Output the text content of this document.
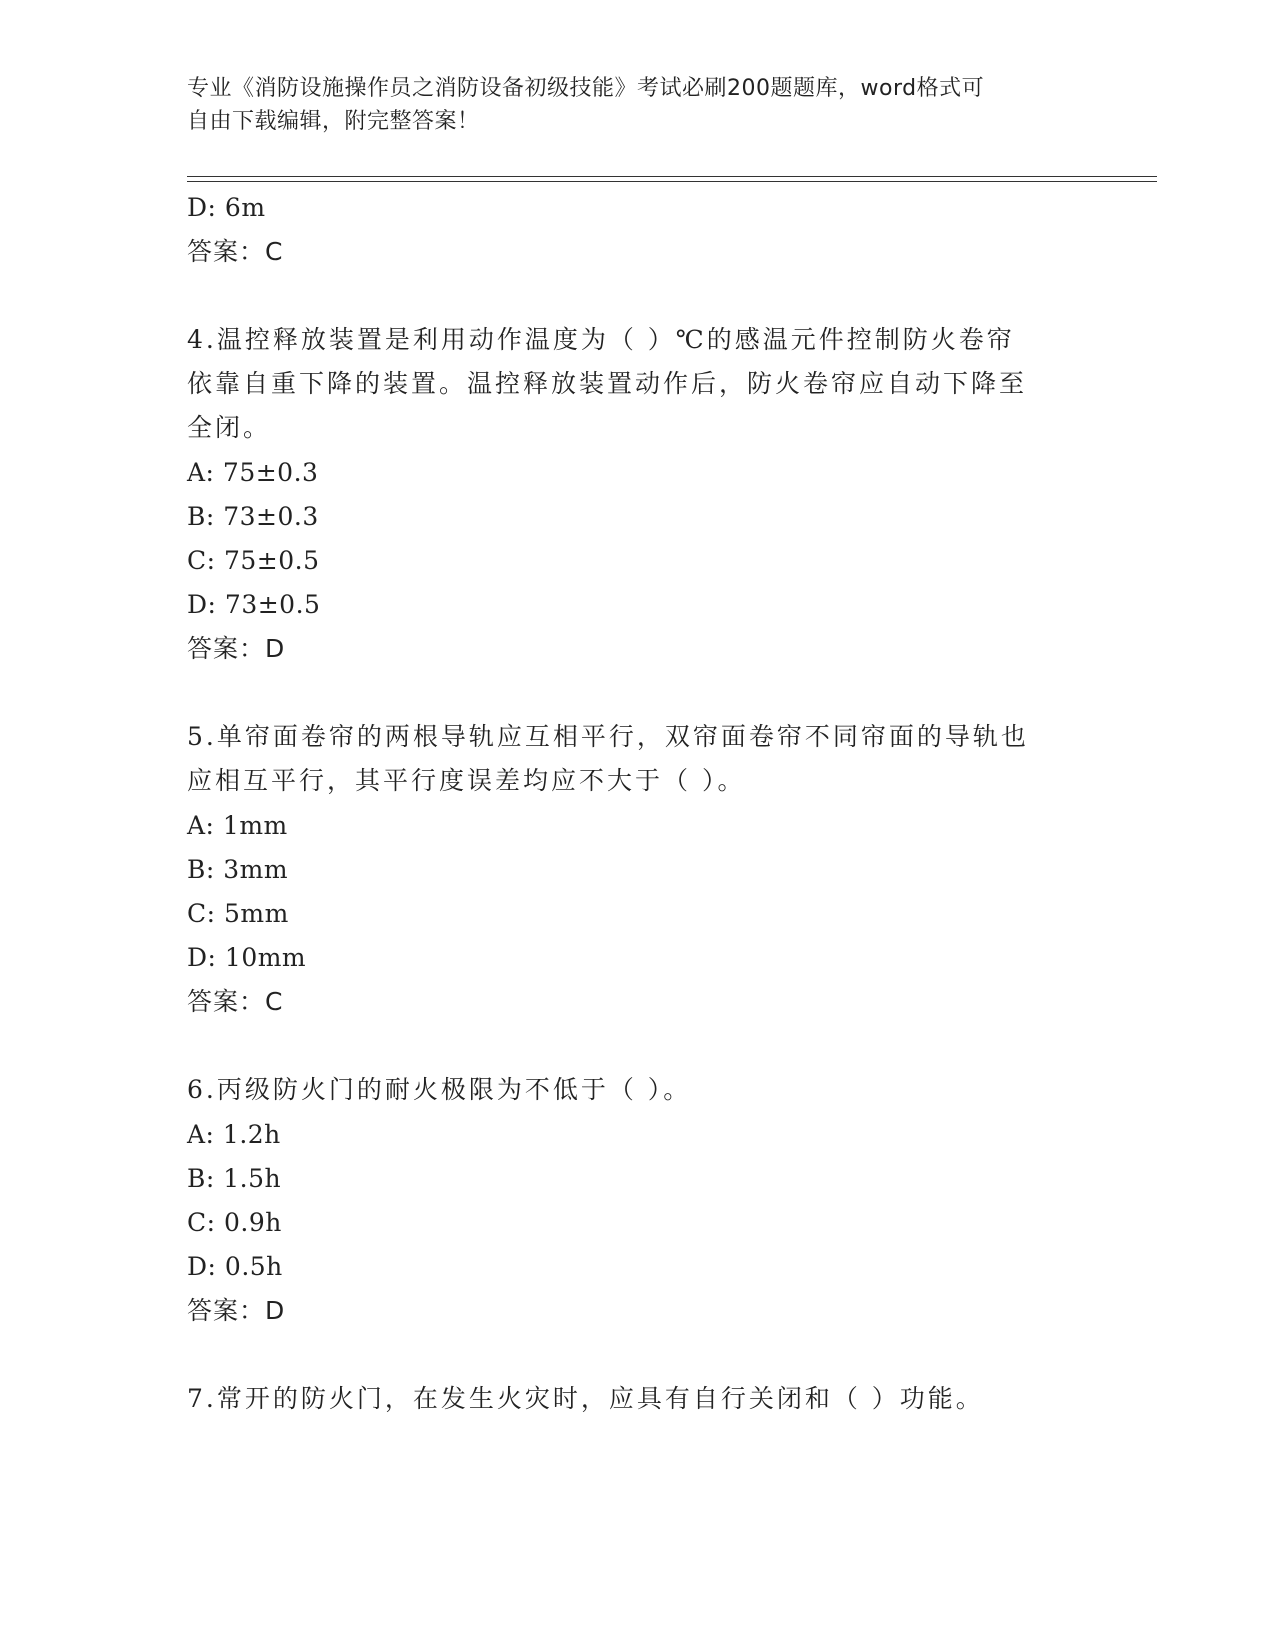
专业《消防设施操作员之消防设备初级技能》考试必刷200题题库，word格式可
自由下载编辑，附完整答案！
D: 6m
答案：C
4.温控释放装置是利用动作温度为（ ）℃的感温元件控制防火卷帘
依靠自重下降的装置。温控释放装置动作后，防火卷帘应自动下降至
全闭。
A: 75±0.3
B: 73±0.3
C: 75±0.5
D: 73±0.5
答案：D
5.单帘面卷帘的两根导轨应互相平行，双帘面卷帘不同帘面的导轨也
应相互平行，其平行度误差均应不大于（ ）。
A: 1mm
B: 3mm
C: 5mm
D: 10mm
答案：C
6.丙级防火门的耐火极限为不低于（ ）。
A: 1.2h
B: 1.5h
C: 0.9h
D: 0.5h
答案：D
7.常开的防火门，在发生火灾时，应具有自行关闭和（ ）功能。
